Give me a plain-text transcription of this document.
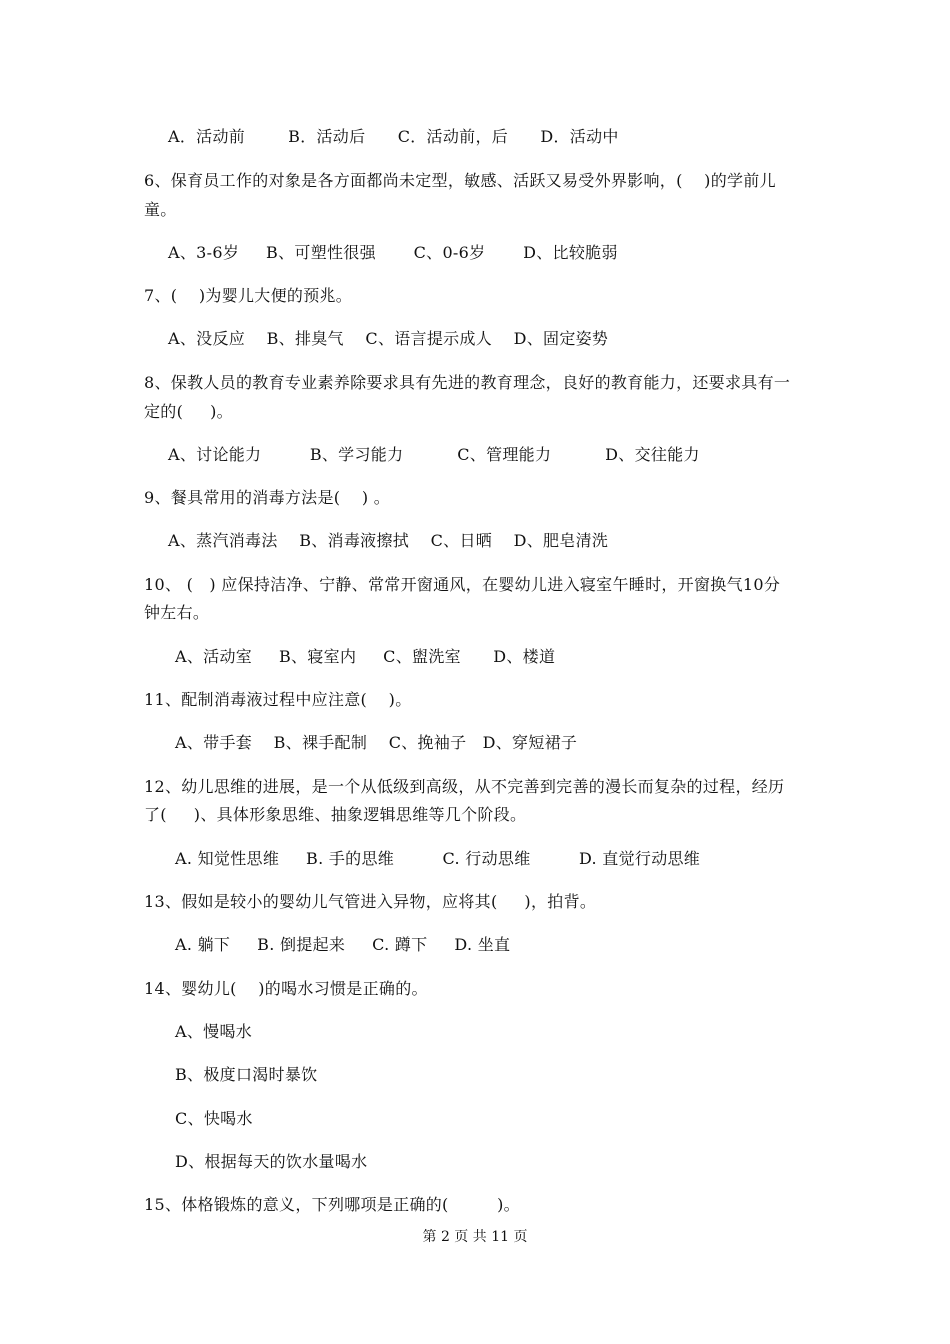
A．活动前        B．活动后      C．活动前，后      D．活动中
6、保育员工作的对象是各方面都尚未定型，敏感、活跃又易受外界影响，(    )的学前儿
童。
A、3-6岁     B、可塑性很强       C、0-6岁       D、比较脆弱
7、(    )为婴儿大便的预兆。
A、没反应    B、排臭气    C、语言提示成人    D、固定姿势
8、保教人员的教育专业素养除要求具有先进的教育理念，良好的教育能力，还要求具有一
定的(     )。
A、讨论能力         B、学习能力          C、管理能力          D、交往能力
9、餐具常用的消毒方法是(    ) 。
A、蒸汽消毒法    B、消毒液擦拭    C、日晒    D、肥皂清洗
10、 (   ) 应保持洁净、宁静、常常开窗通风，在婴幼儿进入寝室午睡时，开窗换气10分
钟左右。
A、活动室     B、寝室内     C、盥洗室      D、楼道
11、配制消毒液过程中应注意(    )。
A、带手套    B、裸手配制    C、挽袖子   D、穿短裙子
12、幼儿思维的进展，是一个从低级到高级，从不完善到完善的漫长而复杂的过程，经历
了(     )、具体形象思维、抽象逻辑思维等几个阶段。
A. 知觉性思维     B. 手的思维         C. 行动思维         D. 直觉行动思维
13、假如是较小的婴幼儿气管进入异物，应将其(     )，拍背。
A. 躺下     B. 倒提起来     C. 蹲下     D. 坐直
14、婴幼儿(    )的喝水习惯是正确的。
A、慢喝水
B、极度口渴时暴饮
C、快喝水
D、根据每天的饮水量喝水
15、体格锻炼的意义，下列哪项是正确的(         )。
第 2 页 共 11 页
